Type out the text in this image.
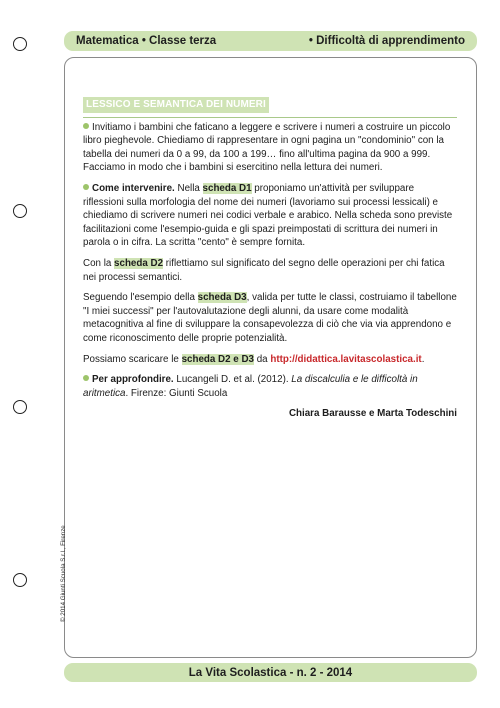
Matematica • Classe terza	• Difficoltà di apprendimento
© 2014 Giunti Scuola S.r.l., Firenze
LESSICO E SEMANTICA DEI NUMERI

Invitiamo i bambini che faticano a leggere e scrivere i numeri a costruire un piccolo libro pieghevole. Chiediamo di rappresentare in ogni pagina un "condominio" con la tabella dei numeri da 0 a 99, da 100 a 199… fino all'ultima pagina da 900 a 999. Facciamo in modo che i bambini si esercitino nella lettura dei numeri.

Come intervenire. Nella scheda D1 proponiamo un'attività per sviluppare riflessioni sulla morfologia del nome dei numeri (lavoriamo sui processi lessicali) e chiediamo di scrivere numeri nei codici verbale e arabico. Nella scheda sono previste facilitazioni come l'esempio-guida e gli spazi preimpostati di scrittura dei numeri in parola o in cifra. La scritta "cento" è sempre fornita.

Con la scheda D2 riflettiamo sul significato del segno delle operazioni per chi fatica nei processi semantici.

Seguendo l'esempio della scheda D3, valida per tutte le classi, costruiamo il tabellone "I miei successi" per l'autovalutazione degli alunni, da usare come modalità metacognitiva al fine di sviluppare la consapevolezza di ciò che via via apprendono e come riconoscimento delle proprie potenzialità.

Possiamo scaricare le scheda D2 e D3 da http://didattica.lavitascolastica.it.

Per approfondire. Lucangeli D. et al. (2012). La discalculia e le difficoltà in aritmetica. Firenze: Giunti Scuola

Chiara Barausse e Marta Todeschini
La Vita Scolastica - n. 2 - 2014
